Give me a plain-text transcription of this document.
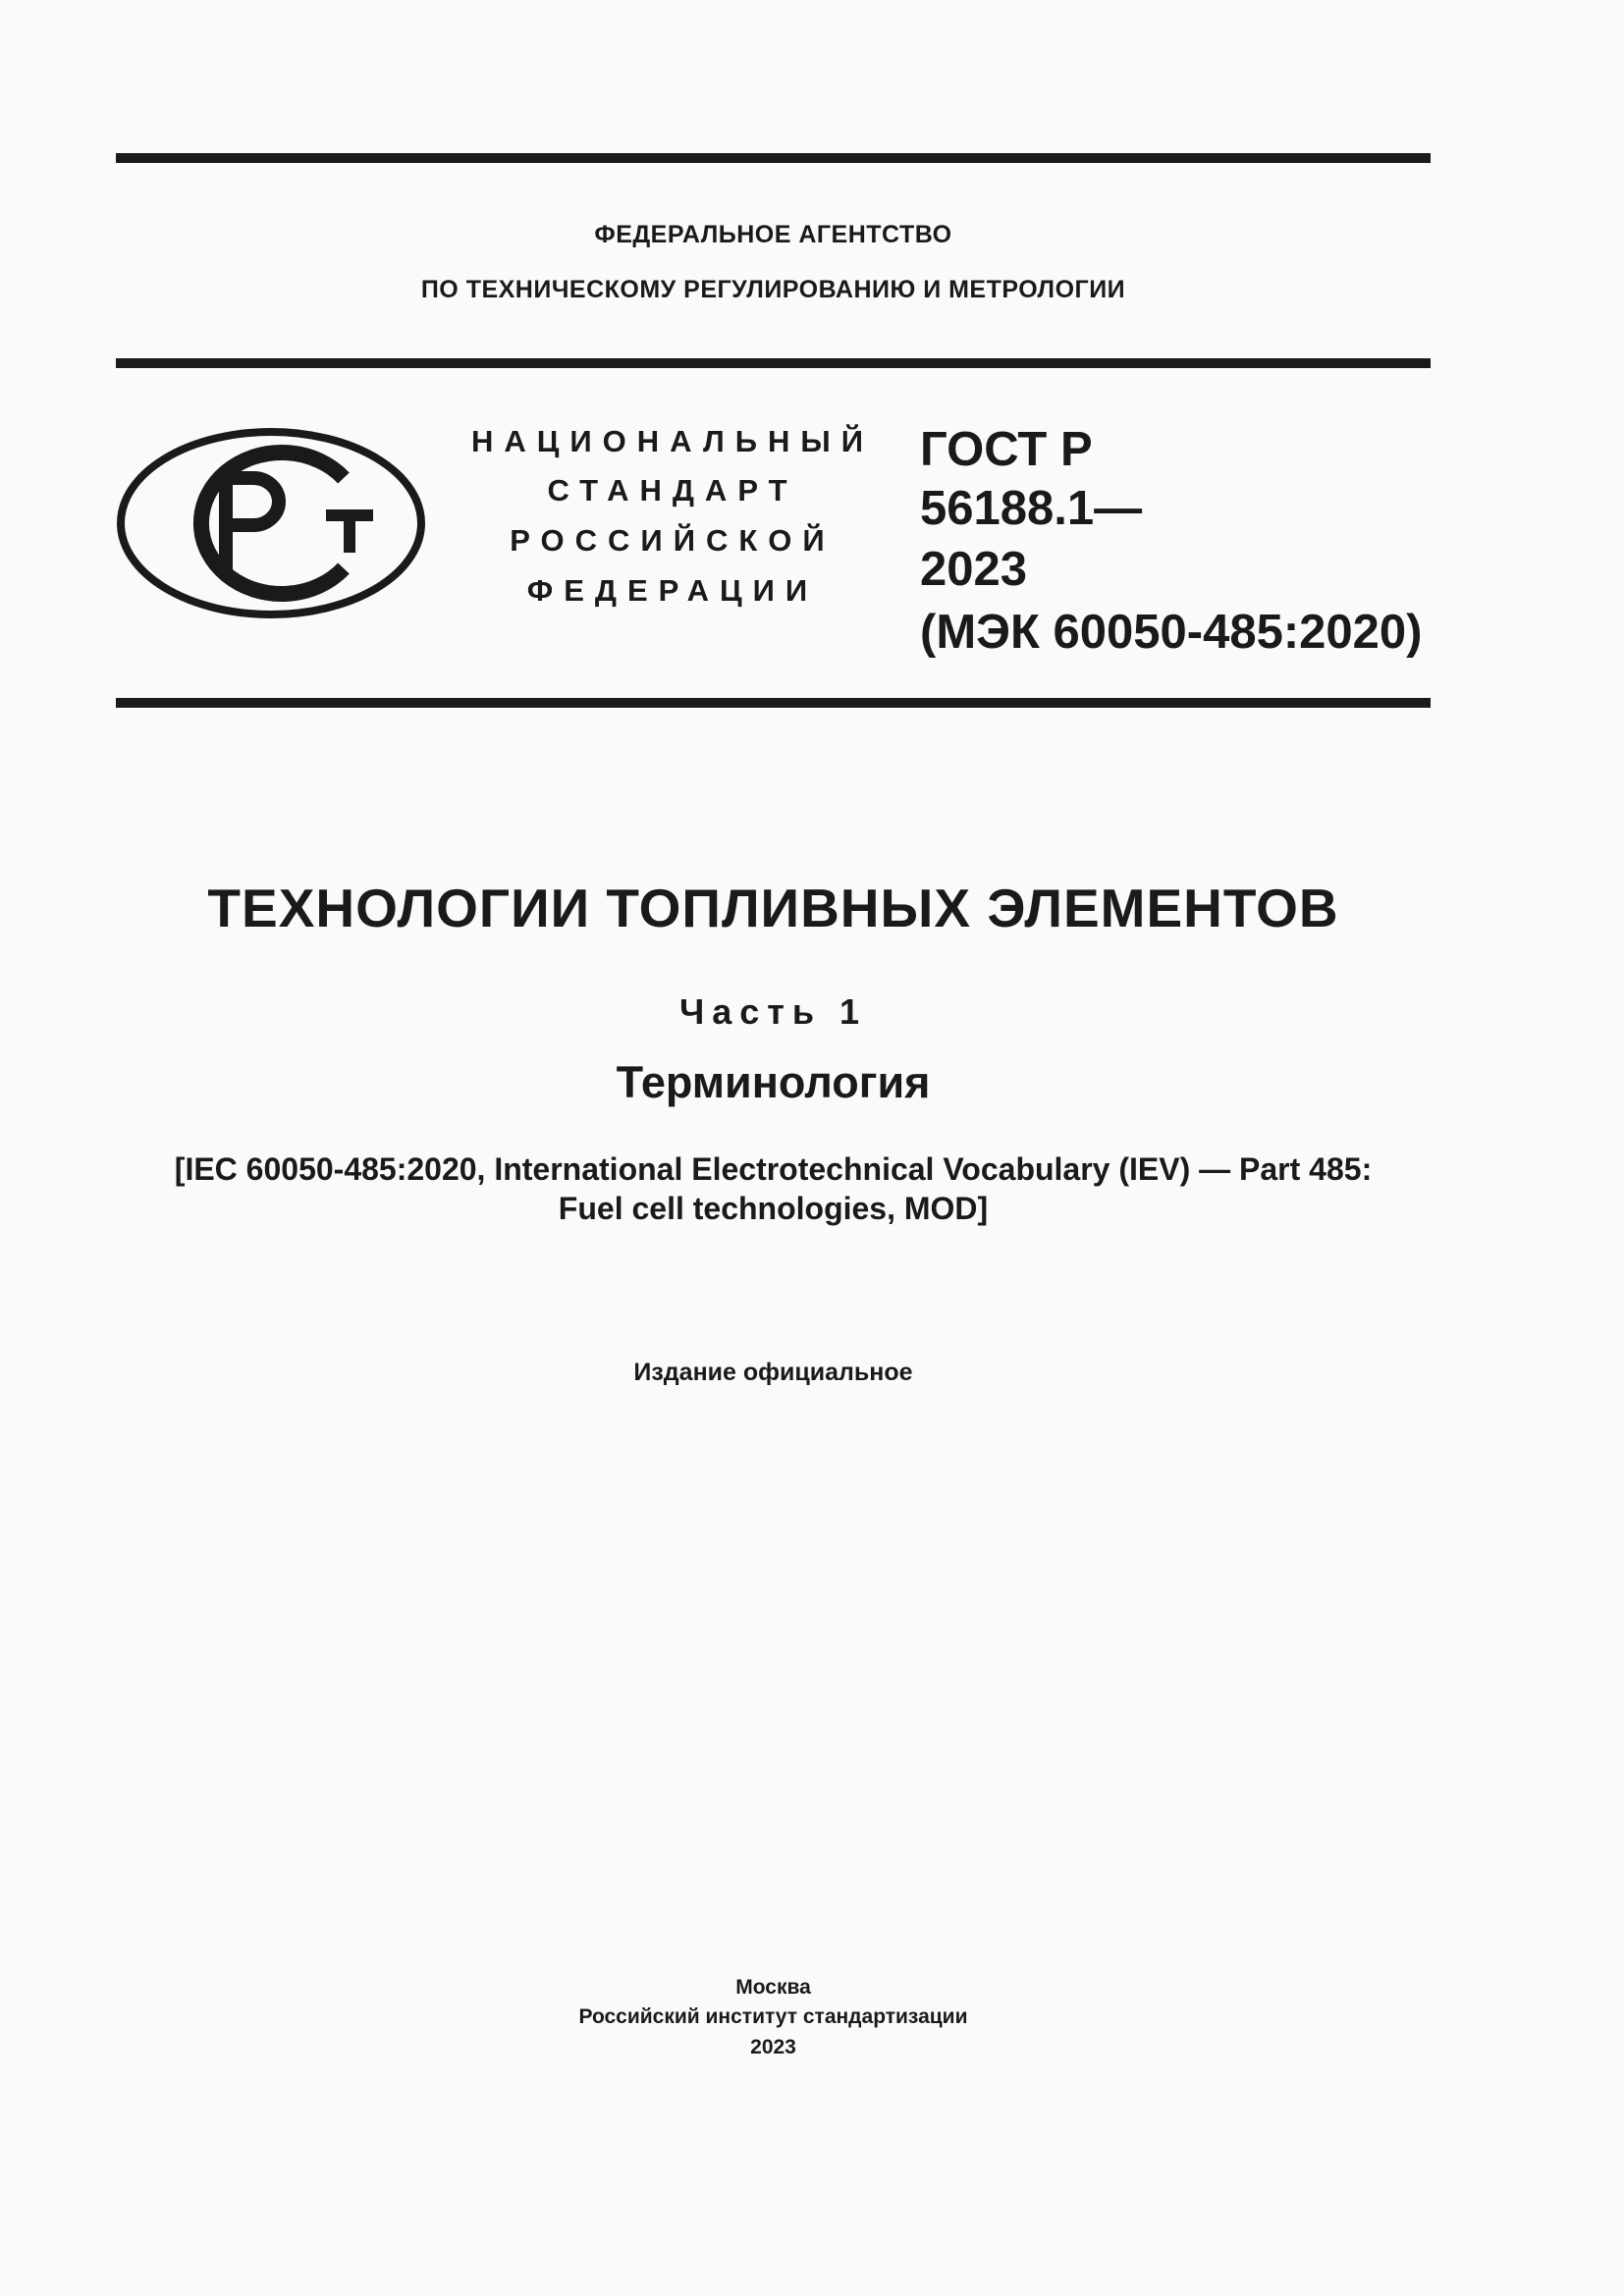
ФЕДЕРАЛЬНОЕ АГЕНТСТВО
ПО ТЕХНИЧЕСКОМУ РЕГУЛИРОВАНИЮ И МЕТРОЛОГИИ
НАЦИОНАЛЬНЫЙ
СТАНДАРТ
РОССИЙСКОЙ
ФЕДЕРАЦИИ
ГОСТ Р
56188.1—
2023
(МЭК 60050-485:2020)
ТЕХНОЛОГИИ ТОПЛИВНЫХ ЭЛЕМЕНТОВ
Часть 1
Терминология
[IEC 60050-485:2020, International Electrotechnical Vocabulary (IEV) — Part 485:
Fuel cell technologies, MOD]
Издание официальное
Москва
Российский институт стандартизации
2023
